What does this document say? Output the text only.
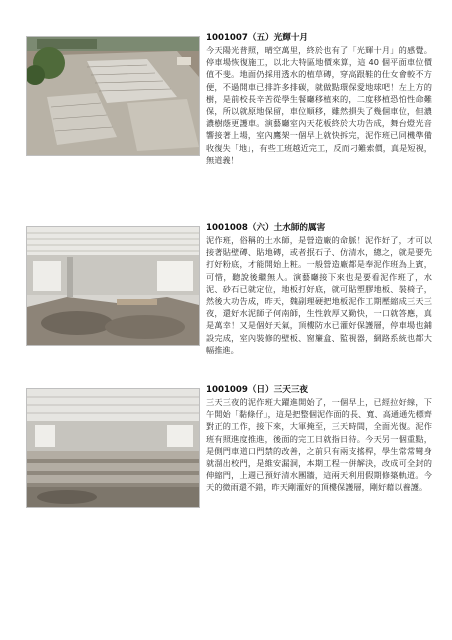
1001007（五）光輝十月

今天陽光普照，晴空萬里，終於也有了「光輝十月」的感覺。停車場恢復施工，以北大特區地價來算，這 40 個平面車位價值不斐。地面仍採用透水的植草磚，穿高跟鞋的仕女會較不方便，不過開車已排許多排碳，就做點環保愛地球吧！左上方的樹，是前校長辛苦從學生餐廳移植來的，二度移植恐怕性命難保，所以就原地保留，車位順移，雖然損失了幾個車位，但濃濃樹蔭更護車。演藝廳室內天花板終於大功告成，舞台燈光音響接著上場，室內鷹架一個早上就快拆完，泥作班已同機準備收復失「地」，有些工班越近完工，反而刁難索價，真是短視，無道義！

1001008（六）土水師的厲害

泥作班，俗稱的土水師，是營造廠的命脈！泥作好了，才可以接著貼壁磚、貼地磚，或者抿石子、仿清水，總之，就是要先打好粉底，才能開始上粧。一般營造廠都是奉泥作班為上賓，可惜，聽說後繼無人。演藝廳接下來也是要看泥作班了，水泥、砂石已就定位，地板打好底，就可貼塑膠地板、裝椅子，然後大功告成，昨天，魏副理硬把地板泥作工期壓縮成三天三夜，還好水泥師子何南師，生性敦厚又勤快，一口就答應，真是萬幸！又是個好天氣，頂樓防水已灌好保護層，停車場也鋪設完成，室內裝修的壁板、窗簾盒、監視器，網路系統也都大幅推進。

1001009（日）三天三夜

三天三夜的泥作班大躍進開始了，一個早上，已經拉好線，下午開始「黏條仔」，這是把整個泥作面的長、寬、高通通先標齊對正的工作，接下來，大軍掩至，三天時間，全面光復。泥作班有照進度推進，後面的完工日就指日待。今天另一個重點，是側門車道口門禁的改善，之前只有兩支搖桿，學生常常彎身就溜出校門，是維安漏洞，本期工程一併解決，改成可全封的伸縮門，上週已預好清水團牆，這兩天利用假期修築軌道。今天的微雨還不錯，昨天剛灌好的頂樓保護層，剛好藉以養護。
